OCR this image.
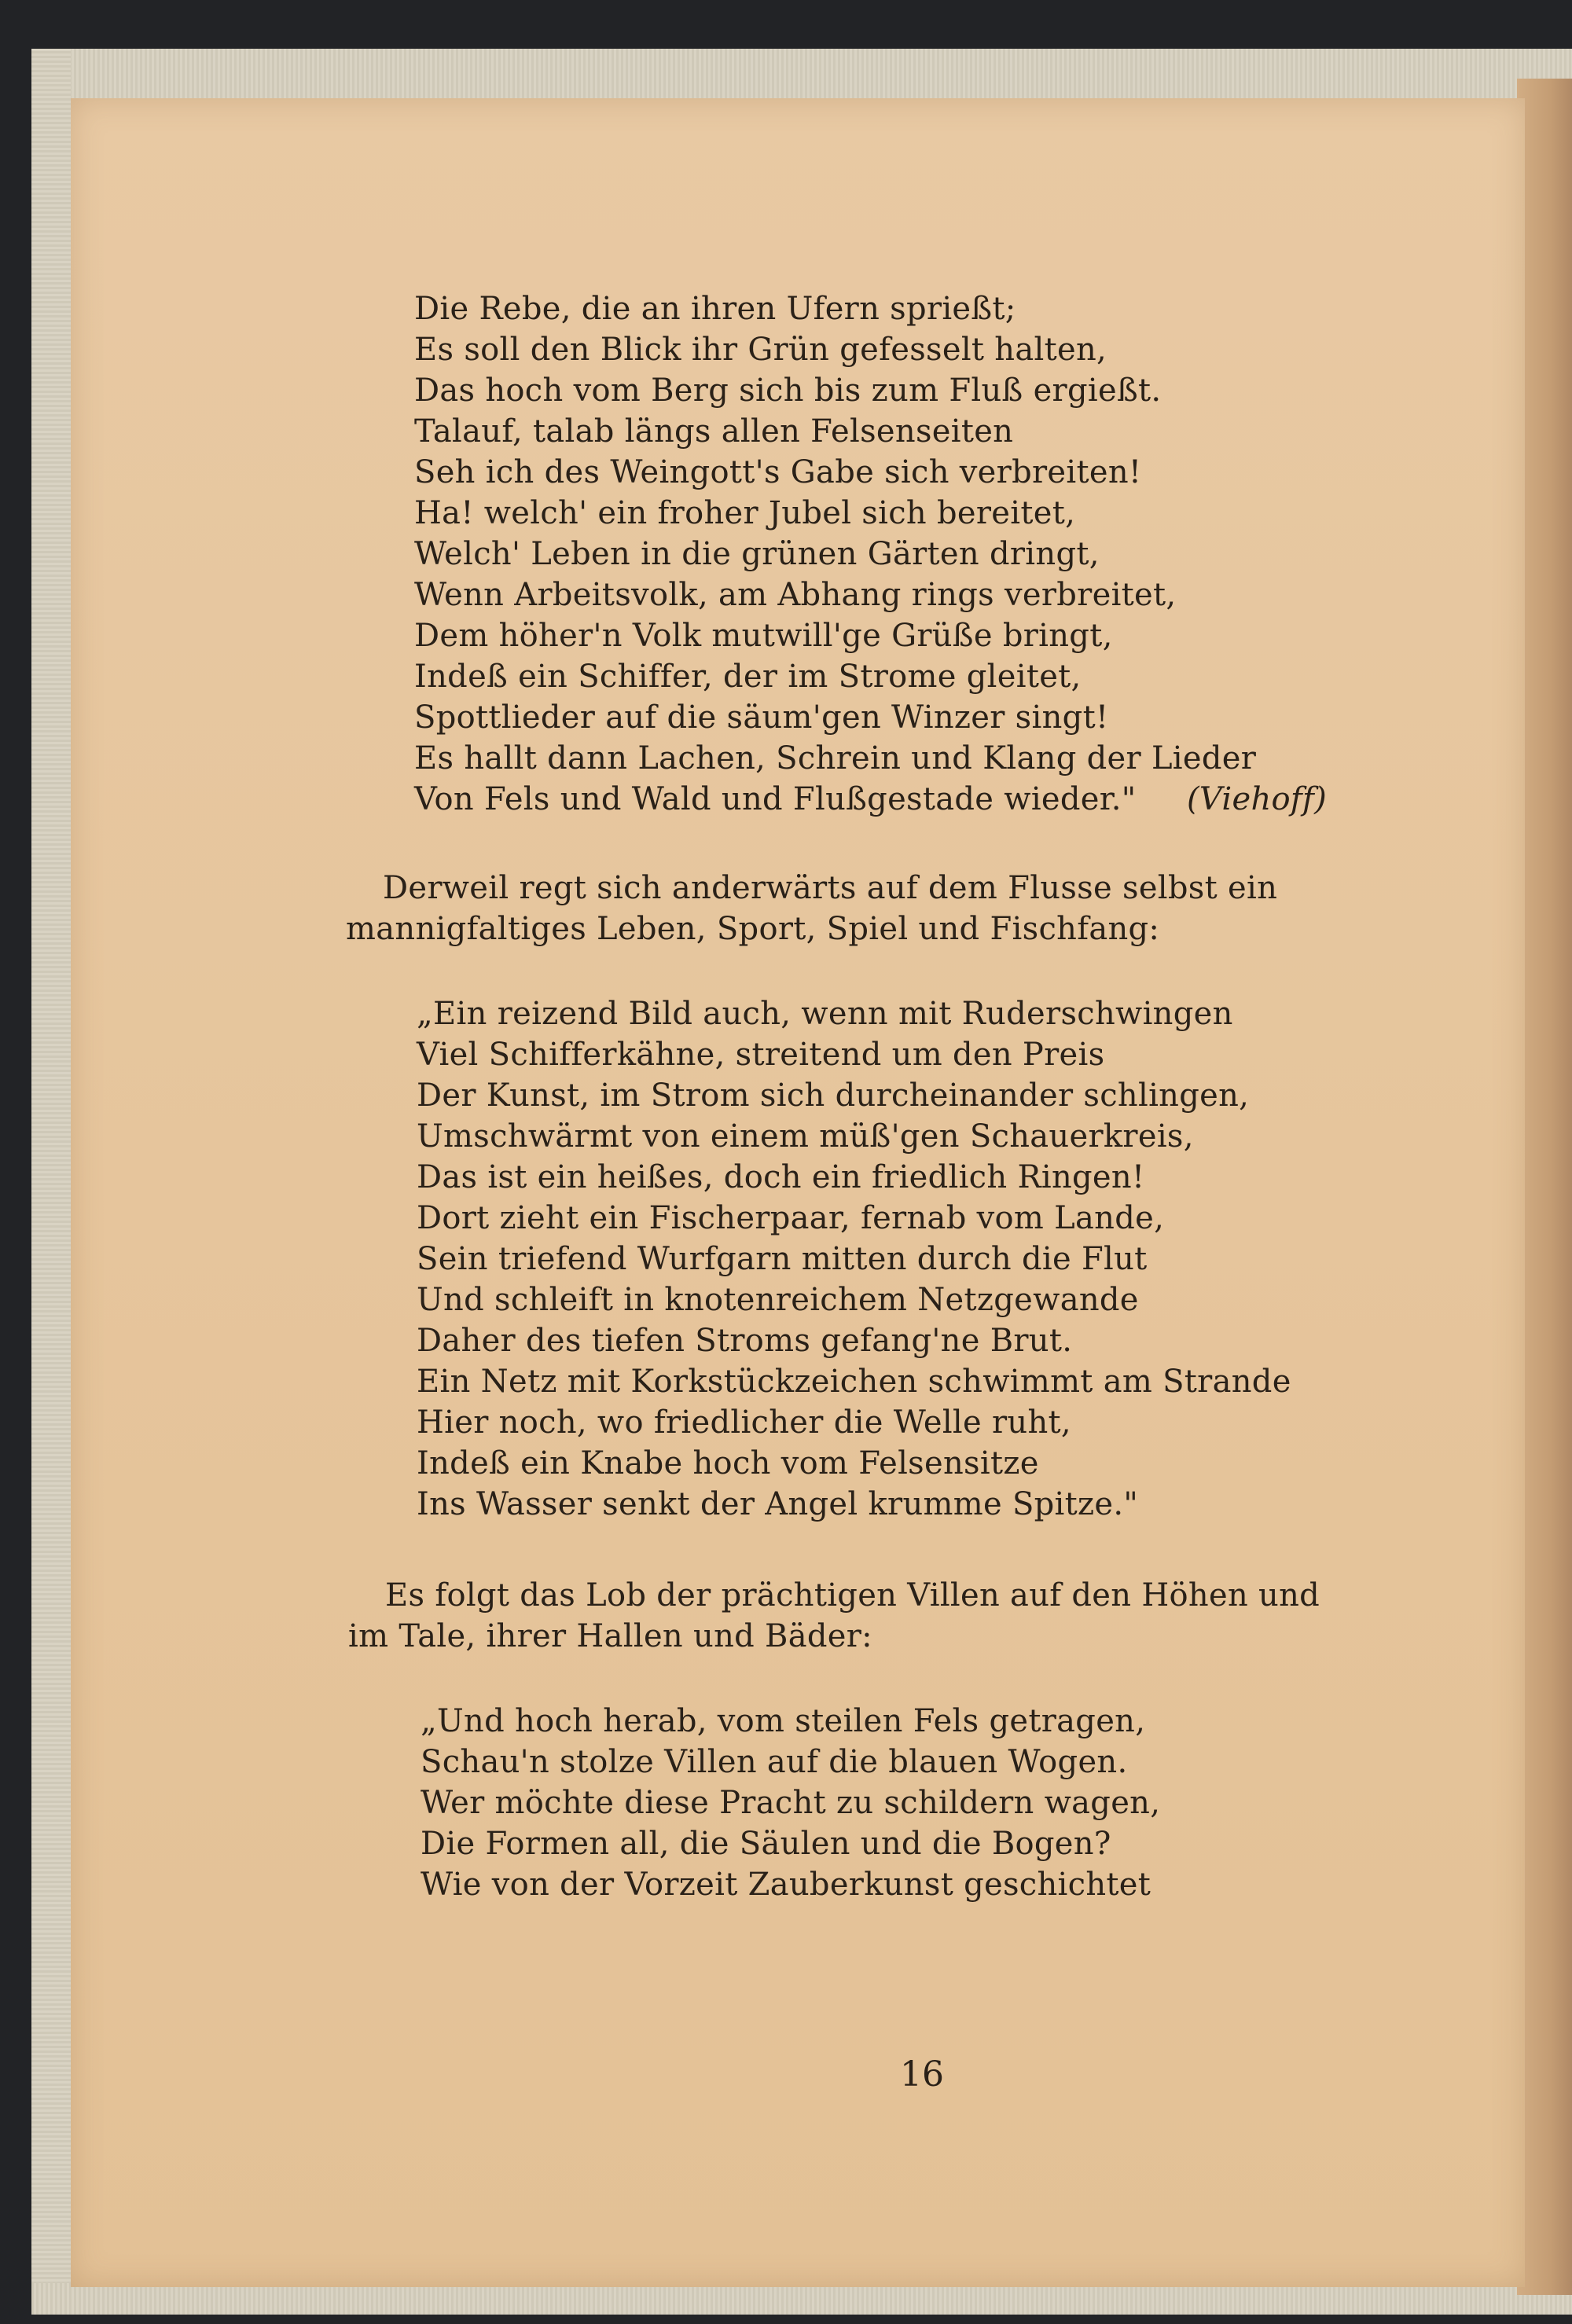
Die Rebe, die an ihren Ufern sprießt;
Es soll den Blick ihr Grün gefesselt halten,
Das hoch vom Berg sich bis zum Fluß ergießt.
Talauf, talab längs allen Felsenseiten
Seh ich des Weingott's Gabe sich verbreiten!
Ha! welch' ein froher Jubel sich bereitet,
Welch' Leben in die grünen Gärten dringt,
Wenn Arbeitsvolk, am Abhang rings verbreitet,
Dem höher'n Volk mutwill'ge Grüße bringt,
Indeß ein Schiffer, der im Strome gleitet,
Spottlieder auf die säum'gen Winzer singt!
Es hallt dann Lachen, Schrein und Klang der Lieder
Von Fels und Wald und Flußgestade wieder." (Viehoff)
Derweil regt sich anderwärts auf dem Flusse selbst ein
mannigfaltiges Leben, Sport, Spiel und Fischfang:
„Ein reizend Bild auch, wenn mit Ruderschwingen
Viel Schifferkähne, streitend um den Preis
Der Kunst, im Strom sich durcheinander schlingen,
Umschwärmt von einem müß'gen Schauerkreis,
Das ist ein heißes, doch ein friedlich Ringen!
Dort zieht ein Fischerpaar, fernab vom Lande,
Sein triefend Wurfgarn mitten durch die Flut
Und schleift in knotenreichem Netzgewande
Daher des tiefen Stroms gefang'ne Brut.
Ein Netz mit Korkstückzeichen schwimmt am Strande
Hier noch, wo friedlicher die Welle ruht,
Indeß ein Knabe hoch vom Felsensitze
Ins Wasser senkt der Angel krumme Spitze."
Es folgt das Lob der prächtigen Villen auf den Höhen und
im Tale, ihrer Hallen und Bäder:
„Und hoch herab, vom steilen Fels getragen,
Schau'n stolze Villen auf die blauen Wogen.
Wer möchte diese Pracht zu schildern wagen,
Die Formen all, die Säulen und die Bogen?
Wie von der Vorzeit Zauberkunst geschichtet
16
